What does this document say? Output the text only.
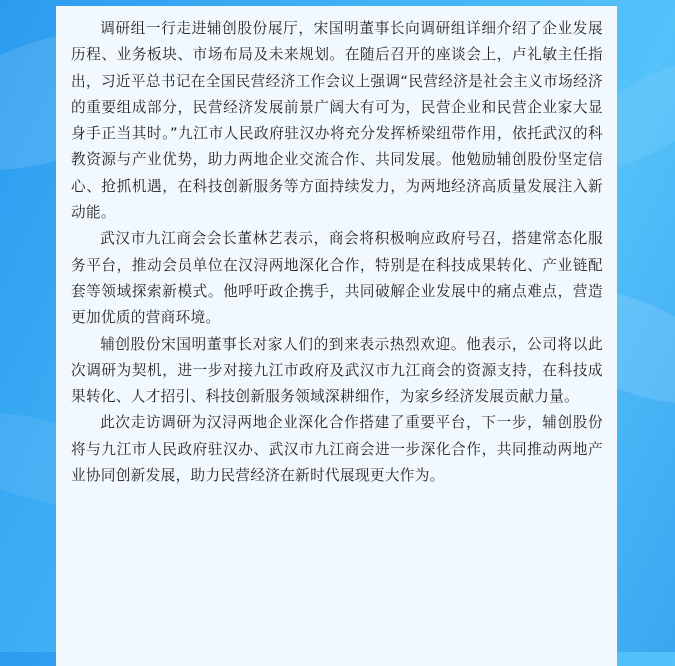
调研组一行走进辅创股份展厅，宋国明董事长向调研组详细介绍了企业发展历程、业务板块、市场布局及未来规划。在随后召开的座谈会上，卢礼敏主任指出，习近平总书记在全国民营经济工作会议上强调“民营经济是社会主义市场经济的重要组成部分，民营经济发展前景广阔大有可为，民营企业和民营企业家大显身手正当其时。”九江市人民政府驻汉办将充分发挥桥梁纽带作用，依托武汉的科教资源与产业优势，助力两地企业交流合作、共同发展。他勉励辅创股份坚定信心、抢抓机遇，在科技创新服务等方面持续发力，为两地经济高质量发展注入新动能。

武汉市九江商会会长董林艺表示，商会将积极响应政府号召，搭建常态化服务平台，推动会员单位在汉浔两地深化合作，特别是在科技成果转化、产业链配套等领域探索新模式。他呼吁政企携手，共同破解企业发展中的痛点难点，营造更加优质的营商环境。

辅创股份宋国明董事长对家人们的到来表示热烈欢迎。他表示，公司将以此次调研为契机，进一步对接九江市政府及武汉市九江商会的资源支持，在科技成果转化、人才招引、科技创新服务领域深耕细作，为家乡经济发展贡献力量。

此次走访调研为汉浔两地企业深化合作搭建了重要平台，下一步，辅创股份将与九江市人民政府驻汉办、武汉市九江商会进一步深化合作，共同推动两地产业协同创新发展，助力民营经济在新时代展现更大作为。
